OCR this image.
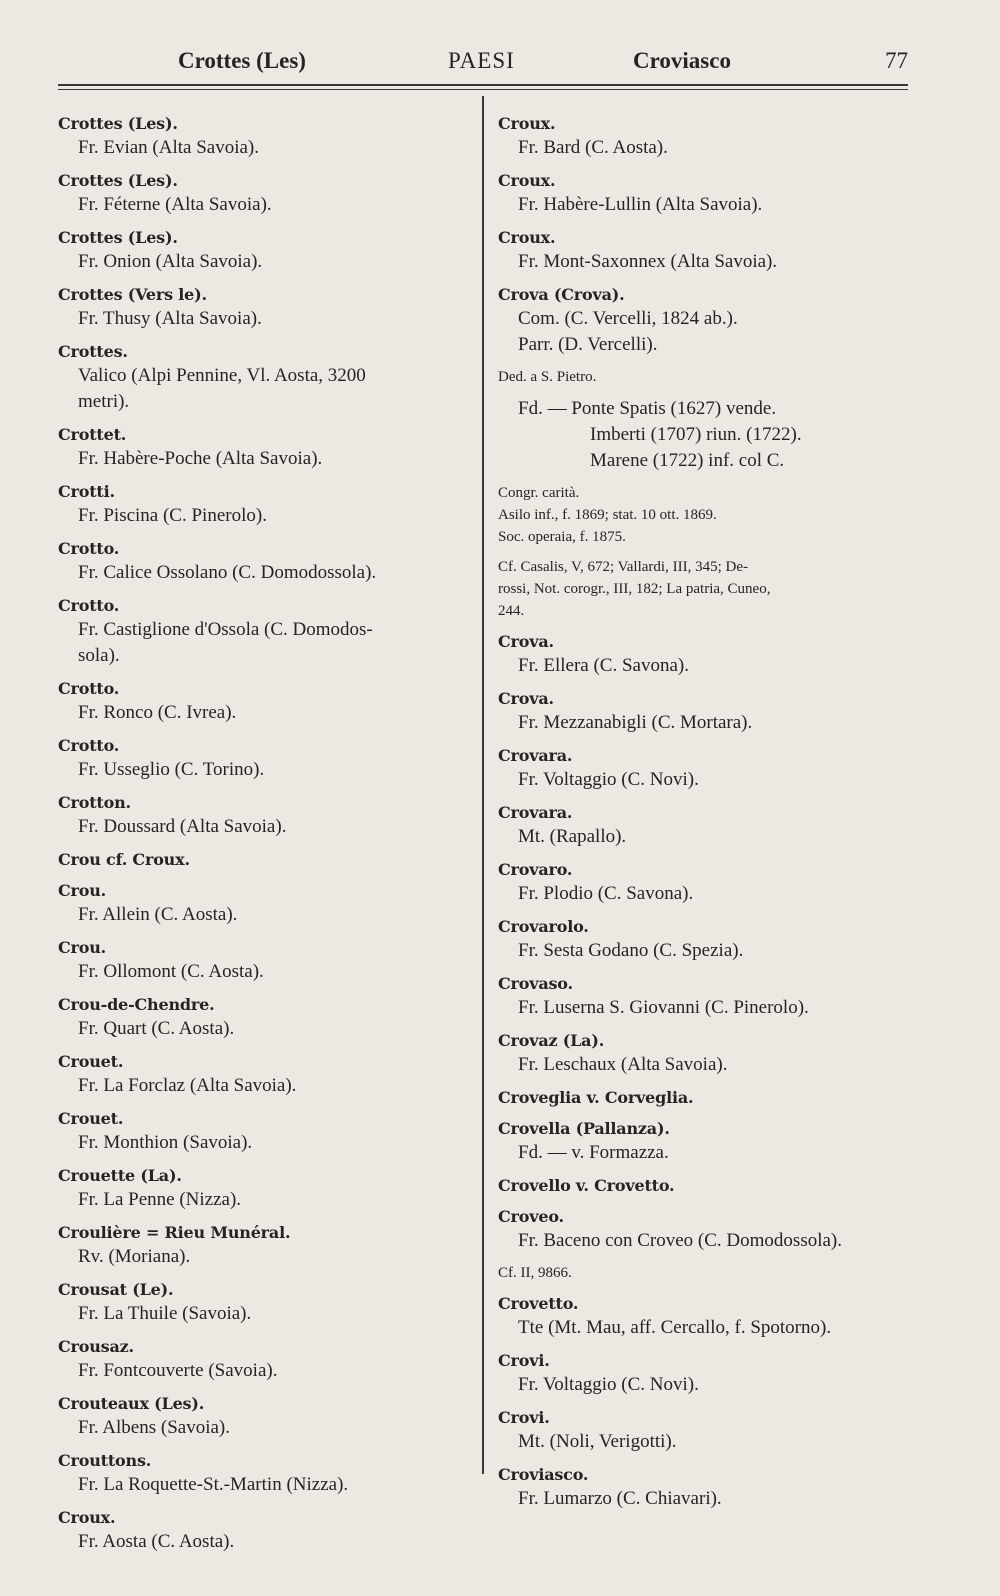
Crottes (Les)	PAESI	Croviasco	77
Crottes (Les).
Fr. Evian (Alta Savoia).
Crottes (Les).
Fr. Féterne (Alta Savoia).
Crottes (Les).
Fr. Onion (Alta Savoia).
Crottes (Vers le).
Fr. Thusy (Alta Savoia).
Crottes.
Valico (Alpi Pennine, Vl. Aosta, 3200
metri).
Crottet.
Fr. Habère-Poche (Alta Savoia).
Crotti.
Fr. Piscina (C. Pinerolo).
Crotto.
Fr. Calice Ossolano (C. Domodossola).
Crotto.
Fr. Castiglione d'Ossola (C. Domodos-
sola).
Crotto.
Fr. Ronco (C. Ivrea).
Crotto.
Fr. Usseglio (C. Torino).
Crotton.
Fr. Doussard (Alta Savoia).
Crou cf. Croux.
Crou.
Fr. Allein (C. Aosta).
Crou.
Fr. Ollomont (C. Aosta).
Crou-de-Chendre.
Fr. Quart (C. Aosta).
Crouet.
Fr. La Forclaz (Alta Savoia).
Crouet.
Fr. Monthion (Savoia).
Crouette (La).
Fr. La Penne (Nizza).
Croulière = Rieu Munéral.
Rv. (Moriana).
Crousat (Le).
Fr. La Thuile (Savoia).
Crousaz.
Fr. Fontcouverte (Savoia).
Crouteaux (Les).
Fr. Albens (Savoia).
Crouttons.
Fr. La Roquette-St.-Martin (Nizza).
Croux.
Fr. Aosta (C. Aosta).
Croux.
Fr. Bard (C. Aosta).
Croux.
Fr. Habère-Lullin (Alta Savoia).
Croux.
Fr. Mont-Saxonnex (Alta Savoia).
Crova (Crova).
Com. (C. Vercelli, 1824 ab.).
Parr. (D. Vercelli).
Ded. a S. Pietro.
Fd. — Ponte Spatis (1627) vende.
Imberti (1707) riun. (1722).
Marene (1722) inf. col C.
Congr. carità.
Asilo inf., f. 1869; stat. 10 ott. 1869.
Soc. operaia, f. 1875.
Cf. Casalis, V, 672; Vallardi, III, 345; De-
rossi, Not. corogr., III, 182; La patria, Cuneo,
244.
Crova.
Fr. Ellera (C. Savona).
Crova.
Fr. Mezzanabigli (C. Mortara).
Crovara.
Fr. Voltaggio (C. Novi).
Crovara.
Mt. (Rapallo).
Crovaro.
Fr. Plodio (C. Savona).
Crovarolo.
Fr. Sesta Godano (C. Spezia).
Crovaso.
Fr. Luserna S. Giovanni (C. Pinerolo).
Crovaz (La).
Fr. Leschaux (Alta Savoia).
Croveglia v. Corveglia.
Crovella (Pallanza).
Fd. — v. Formazza.
Crovello v. Crovetto.
Croveo.
Fr. Baceno con Croveo (C. Domodossola).
Cf. II, 9866.
Crovetto.
Tte (Mt. Mau, aff. Cercallo, f. Spotorno).
Crovi.
Fr. Voltaggio (C. Novi).
Crovi.
Mt. (Noli, Verigotti).
Croviasco.
Fr. Lumarzo (C. Chiavari).
